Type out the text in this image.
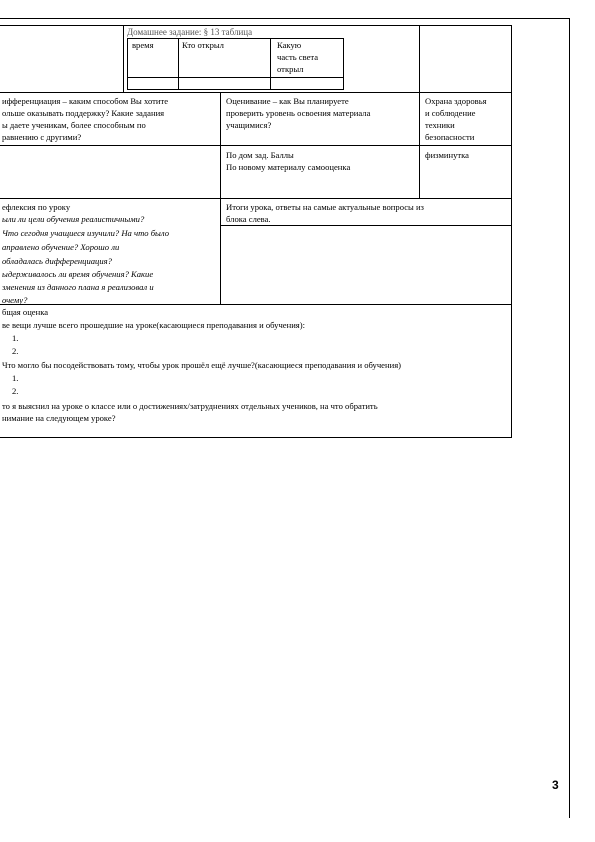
Домашнее задание: § 13 таблица
время	Кто открыл	Какую
часть света
открыл
ифференциация – каким способом Вы хотите
ольше оказывать поддержку? Какие задания
ы даете ученикам, более способным по
равнению с другими?
Оценивание – как Вы планируете
проверить уровень освоения материала
учащимися?
По дом зад. Баллы
По новому материалу самооценка
Охрана здоровья
и соблюдение
техники
безопасности
физминутка
ефлексия по уроку
ыли ли цели обучения реалистичными?
Что сегодня учащиеся изучили? На что было
аправлено обучение? Хорошо ли
обладалась дифференциация?
ыдерживалось ли время обучения? Какие
зменения из данного плана я реализовал и
очему?
Итоги урока, ответы на самые актуальные вопросы из
блока слева.
бщая оценка
ве вещи лучше всего прошедшие на уроке(касающиеся преподавания и обучения):
1.
2.
Что могло бы посодействовать тому, чтобы урок прошёл ещё лучше?(касающиеся преподавания и обучения)
1.
2.
то я выяснил на уроке о классе или о достижениях/затруднениях отдельных учеников, на что обратить
нимание на следующем уроке?
3
